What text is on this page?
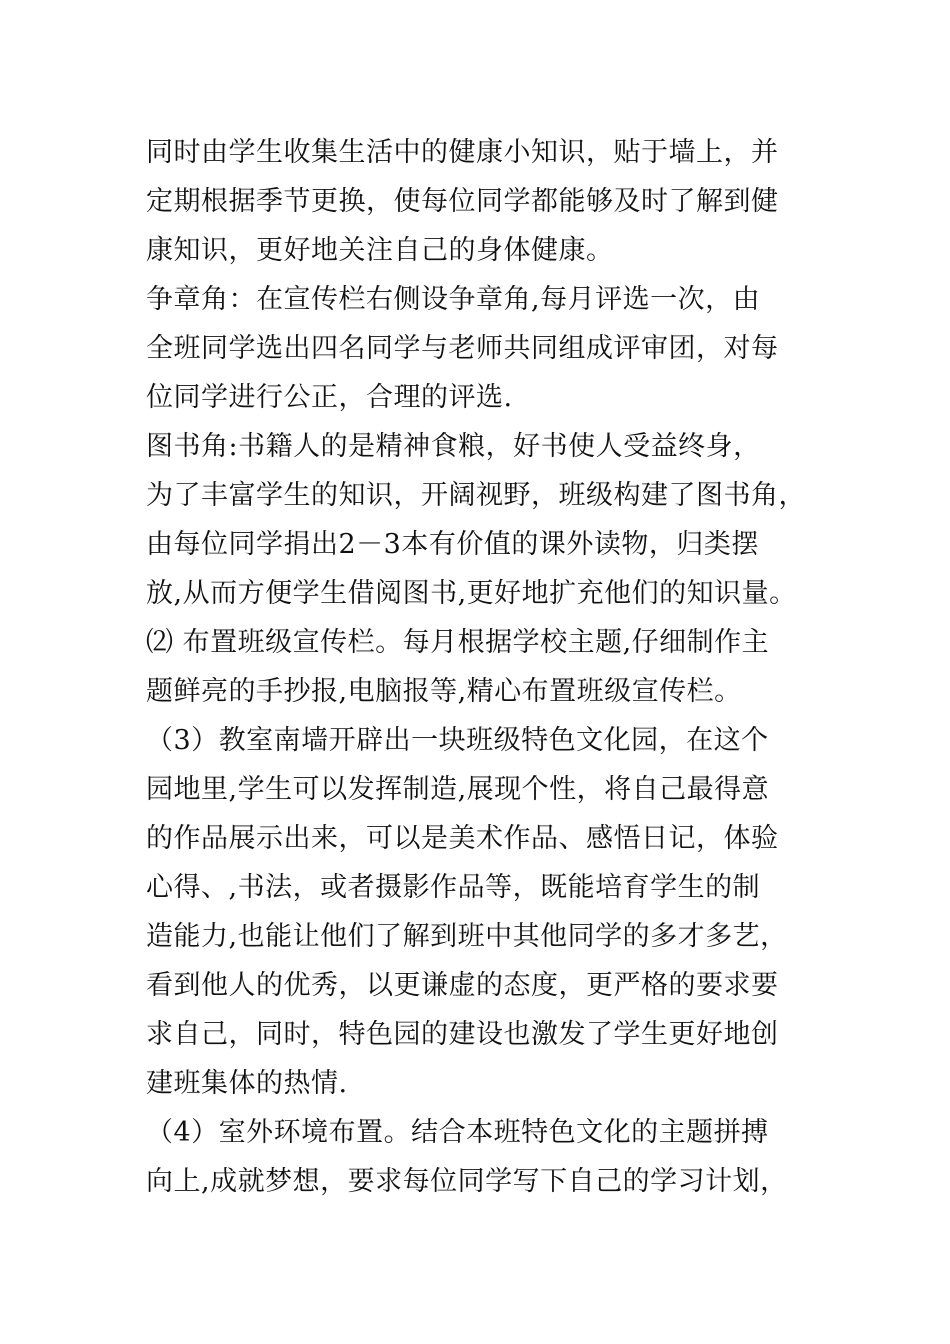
同时由学生收集生活中的健康小知识，贴于墙上，并
定期根据季节更换，使每位同学都能够及时了解到健
康知识，更好地关注自己的身体健康。
争章角：在宣传栏右侧设争章角,每月评选一次，由
全班同学选出四名同学与老师共同组成评审团，对每
位同学进行公正，合理的评选.
图书角:书籍人的是精神食粮，好书使人受益终身，
为了丰富学生的知识，开阔视野，班级构建了图书角，
由每位同学捐出2－3本有价值的课外读物，归类摆
放,从而方便学生借阅图书,更好地扩充他们的知识量。
⑵ 布置班级宣传栏。每月根据学校主题,仔细制作主
题鲜亮的手抄报,电脑报等,精心布置班级宣传栏。
（3）教室南墙开辟出一块班级特色文化园，在这个
园地里,学生可以发挥制造,展现个性，将自己最得意
的作品展示出来，可以是美术作品、感悟日记，体验
心得、,书法，或者摄影作品等，既能培育学生的制
造能力,也能让他们了解到班中其他同学的多才多艺，
看到他人的优秀，以更谦虚的态度，更严格的要求要
求自己，同时，特色园的建设也激发了学生更好地创
建班集体的热情.
（4）室外环境布置。结合本班特色文化的主题拼搏
向上,成就梦想，要求每位同学写下自己的学习计划，
